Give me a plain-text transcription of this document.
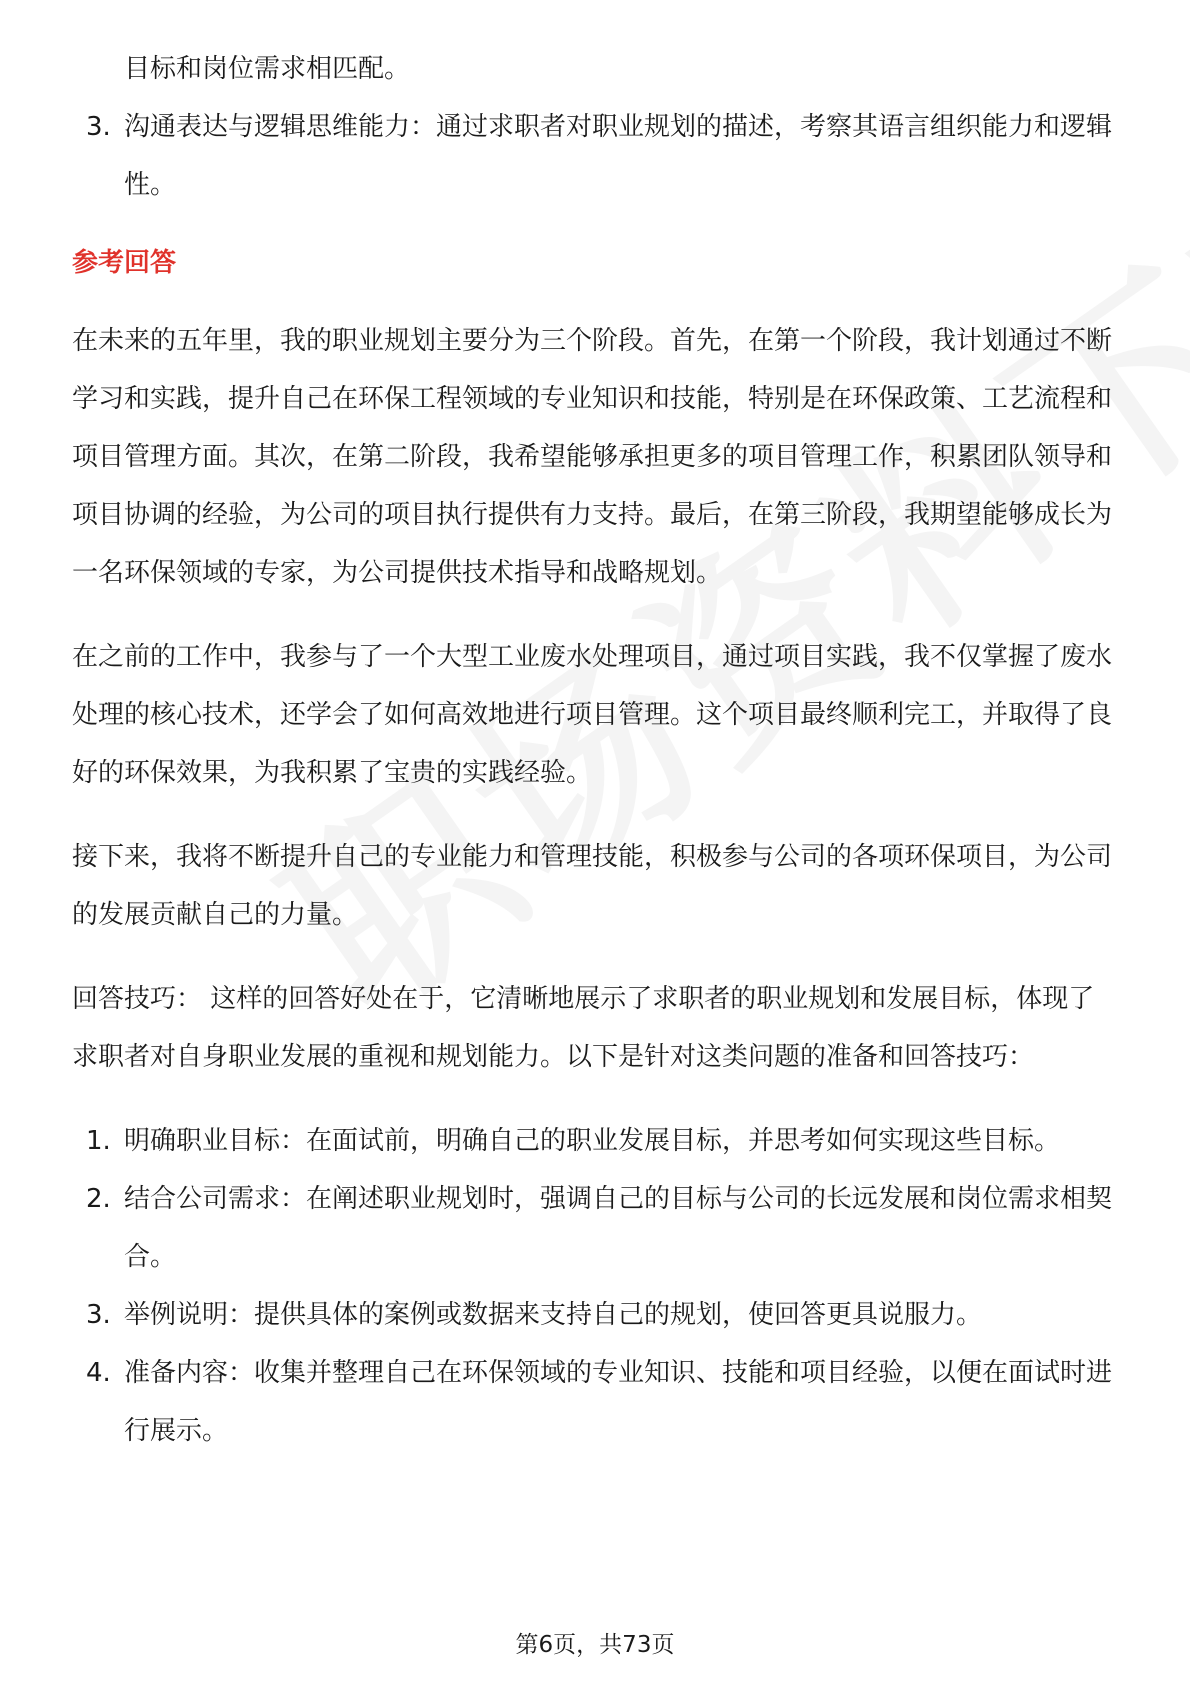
目标和岗位需求相匹配。
3. 沟通表达与逻辑思维能力：通过求职者对职业规划的描述，考察其语言组织能力和逻辑性。
参考回答

在未来的五年里，我的职业规划主要分为三个阶段。首先，在第一个阶段，我计划通过不断学习和实践，提升自己在环保工程领域的专业知识和技能，特别是在环保政策、工艺流程和项目管理方面。其次，在第二阶段，我希望能够承担更多的项目管理工作，积累团队领导和项目协调的经验，为公司的项目执行提供有力支持。最后，在第三阶段，我期望能够成长为一名环保领域的专家，为公司提供技术指导和战略规划。

在之前的工作中，我参与了一个大型工业废水处理项目，通过项目实践，我不仅掌握了废水处理的核心技术，还学会了如何高效地进行项目管理。这个项目最终顺利完工，并取得了良好的环保效果，为我积累了宝贵的实践经验。

接下来，我将不断提升自己的专业能力和管理技能，积极参与公司的各项环保项目，为公司的发展贡献自己的力量。

回答技巧： 这样的回答好处在于，它清晰地展示了求职者的职业规划和发展目标，体现了求职者对自身职业发展的重视和规划能力。以下是针对这类问题的准备和回答技巧：

1. 明确职业目标：在面试前，明确自己的职业发展目标，并思考如何实现这些目标。
2. 结合公司需求：在阐述职业规划时，强调自己的目标与公司的长远发展和岗位需求相契合。
3. 举例说明：提供具体的案例或数据来支持自己的规划，使回答更具说服力。
4. 准备内容：收集并整理自己在环保领域的专业知识、技能和项目经验，以便在面试时进行展示。
第6页，共73页
